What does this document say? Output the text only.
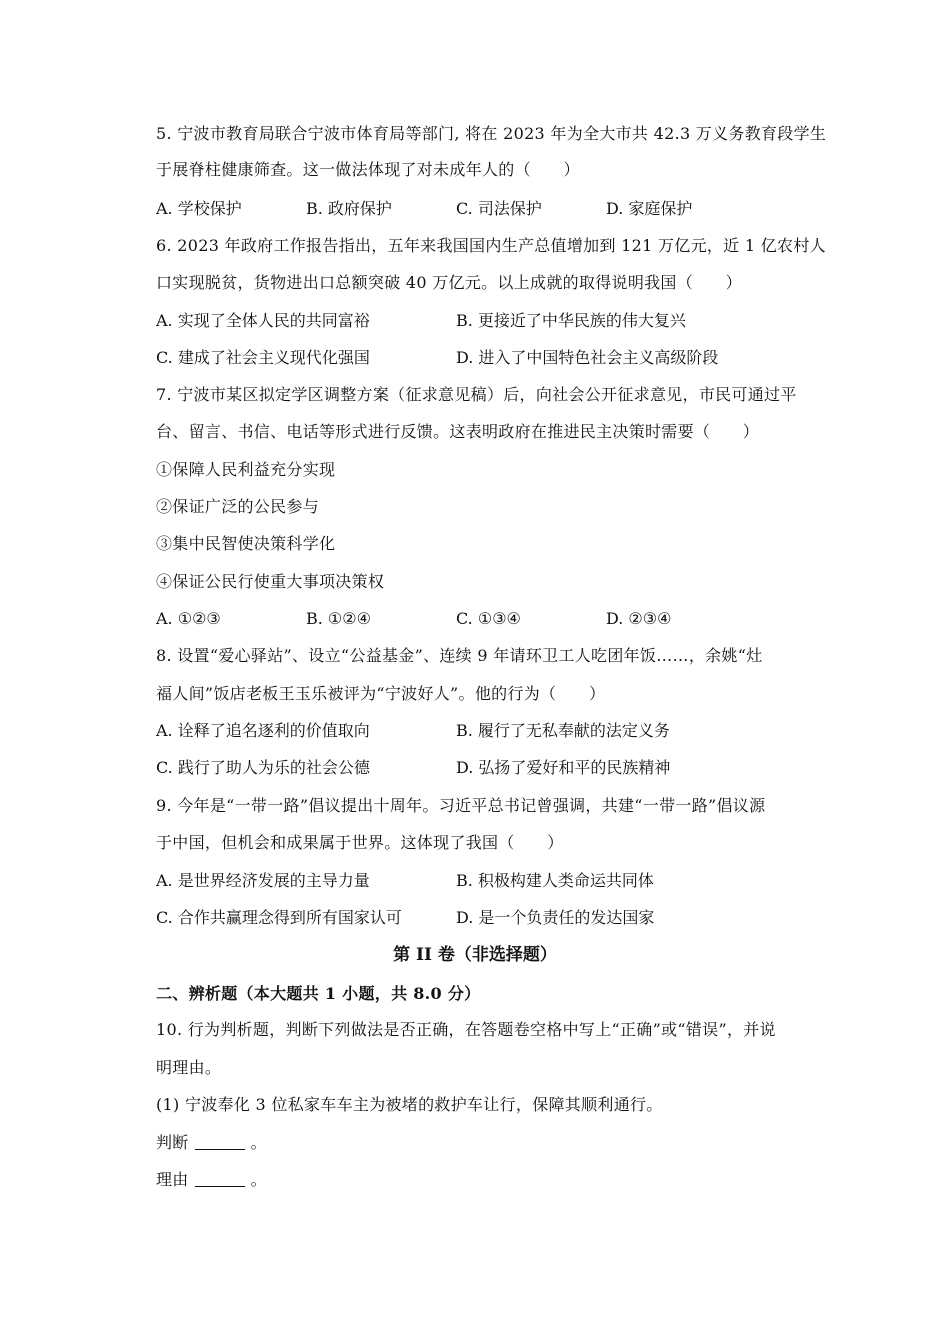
5. 宁波市教育局联合宁波市体育局等部门, 将在 2023 年为全大市共 42.3 万义务教育段学生
于展脊柱健康筛查。这一做法体现了对未成年人的（　　）
A. 学校保护	B. 政府保护	C. 司法保护	D. 家庭保护
6. 2023 年政府工作报告指出，五年来我国国内生产总值增加到 121 万亿元，近 1 亿农村人
口实现脱贫，货物进出口总额突破 40 万亿元。以上成就的取得说明我国（　　）
A. 实现了全体人民的共同富裕	B. 更接近了中华民族的伟大复兴
C. 建成了社会主义现代化强国	D. 进入了中国特色社会主义高级阶段
7. 宁波市某区拟定学区调整方案（征求意见稿）后，向社会公开征求意见，市民可通过平
台、留言、书信、电话等形式进行反馈。这表明政府在推进民主决策时需要（　　）
①保障人民利益充分实现
②保证广泛的公民参与
③集中民智使决策科学化
④保证公民行使重大事项决策权
A. ①②③	B. ①②④	C. ①③④	D. ②③④
8. 设置“爱心驿站”、设立“公益基金”、连续 9 年请环卫工人吃团年饭……，余姚“灶
福人间”饭店老板王玉乐被评为“宁波好人”。他的行为（　　）
A. 诠释了追名逐利的价值取向	B. 履行了无私奉献的法定义务
C. 践行了助人为乐的社会公德	D. 弘扬了爱好和平的民族精神
9. 今年是“一带一路”倡议提出十周年。习近平总书记曾强调，共建“一带一路”倡议源
于中国，但机会和成果属于世界。这体现了我国（　　）
A. 是世界经济发展的主导力量	B. 积极构建人类命运共同体
C. 合作共赢理念得到所有国家认可	D. 是一个负责任的发达国家
第 II 卷（非选择题）
二、辨析题（本大题共 1 小题，共 8.0 分）
10. 行为判析题，判断下列做法是否正确，在答题卷空格中写上“正确”或“错误”，并说
明理由。
(1) 宁波奉化 3 位私家车车主为被堵的救护车让行，保障其顺利通行。
判断	。
理由	。
